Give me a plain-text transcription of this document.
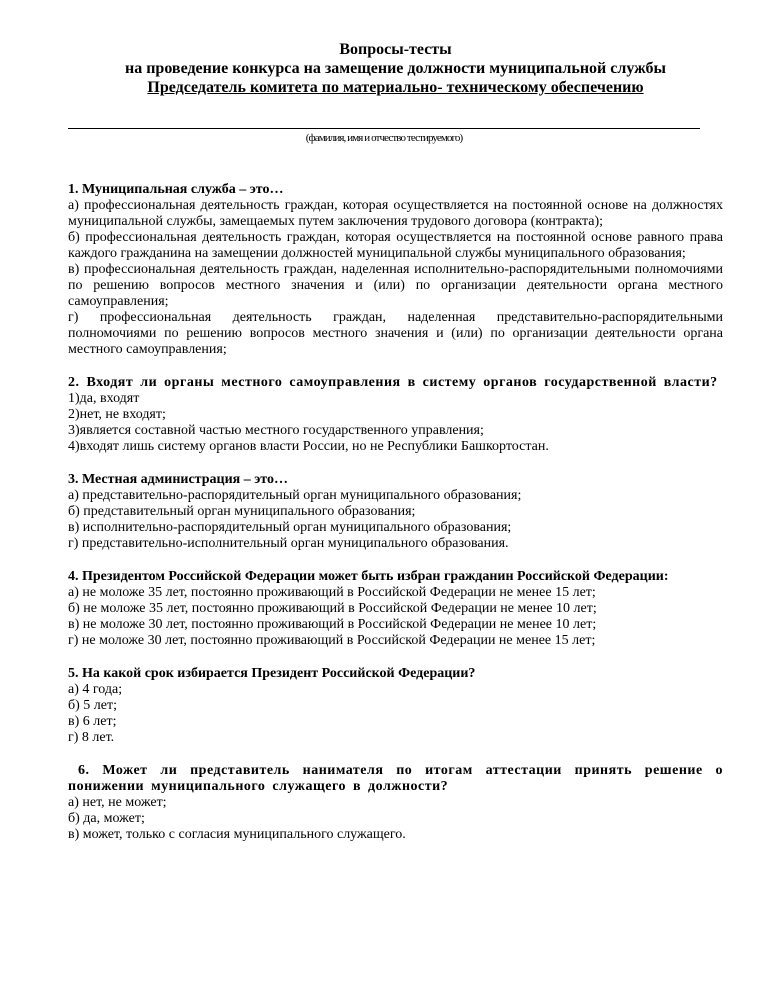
Вопросы-тесты
на проведение конкурса на замещение должности муниципальной службы
Председатель комитета по материально- техническому обеспечению
(фамилия, имя и отчество тестируемого)
1. Муниципальная служба – это…
а) профессиональная деятельность граждан, которая осуществляется на постоянной основе на должностях муниципальной службы, замещаемых путем заключения трудового договора (контракта);
б) профессиональная деятельность граждан, которая осуществляется на постоянной основе равного права каждого гражданина на замещении должностей муниципальной службы муниципального образования;
в) профессиональная деятельность граждан, наделенная исполнительно-распорядительными полномочиями по решению вопросов местного значения и (или) по организации деятельности органа местного самоуправления;
г) профессиональная деятельность граждан, наделенная представительно-распорядительными полномочиями по решению вопросов местного значения и (или) по организации деятельности органа местного самоуправления;
2. Входят ли органы местного самоуправления в систему органов государственной власти?
1)да, входят
2)нет, не входят;
3)является составной частью местного государственного управления;
4)входят лишь систему органов власти России, но не Республики Башкортостан.
3. Местная администрация – это…
а) представительно-распорядительный орган муниципального образования;
б) представительный орган муниципального образования;
в) исполнительно-распорядительный орган муниципального образования;
г) представительно-исполнительный орган муниципального образования.
4. Президентом Российской Федерации может быть избран гражданин Российской Федерации:
а) не моложе 35 лет, постоянно проживающий в Российской Федерации не менее 15 лет;
б) не моложе 35 лет, постоянно проживающий в Российской Федерации не менее 10 лет;
в) не моложе 30 лет, постоянно проживающий в Российской Федерации не менее 10 лет;
г) не моложе 30 лет, постоянно проживающий в Российской Федерации не менее 15 лет;
5. На какой срок избирается Президент Российской Федерации?
а) 4 года;
б) 5 лет;
в) 6 лет;
г) 8 лет.
6. Может ли представитель нанимателя по итогам аттестации принять решение о понижении муниципального служащего в должности?
а) нет, не может;
б) да, может;
в) может, только с согласия муниципального служащего.
